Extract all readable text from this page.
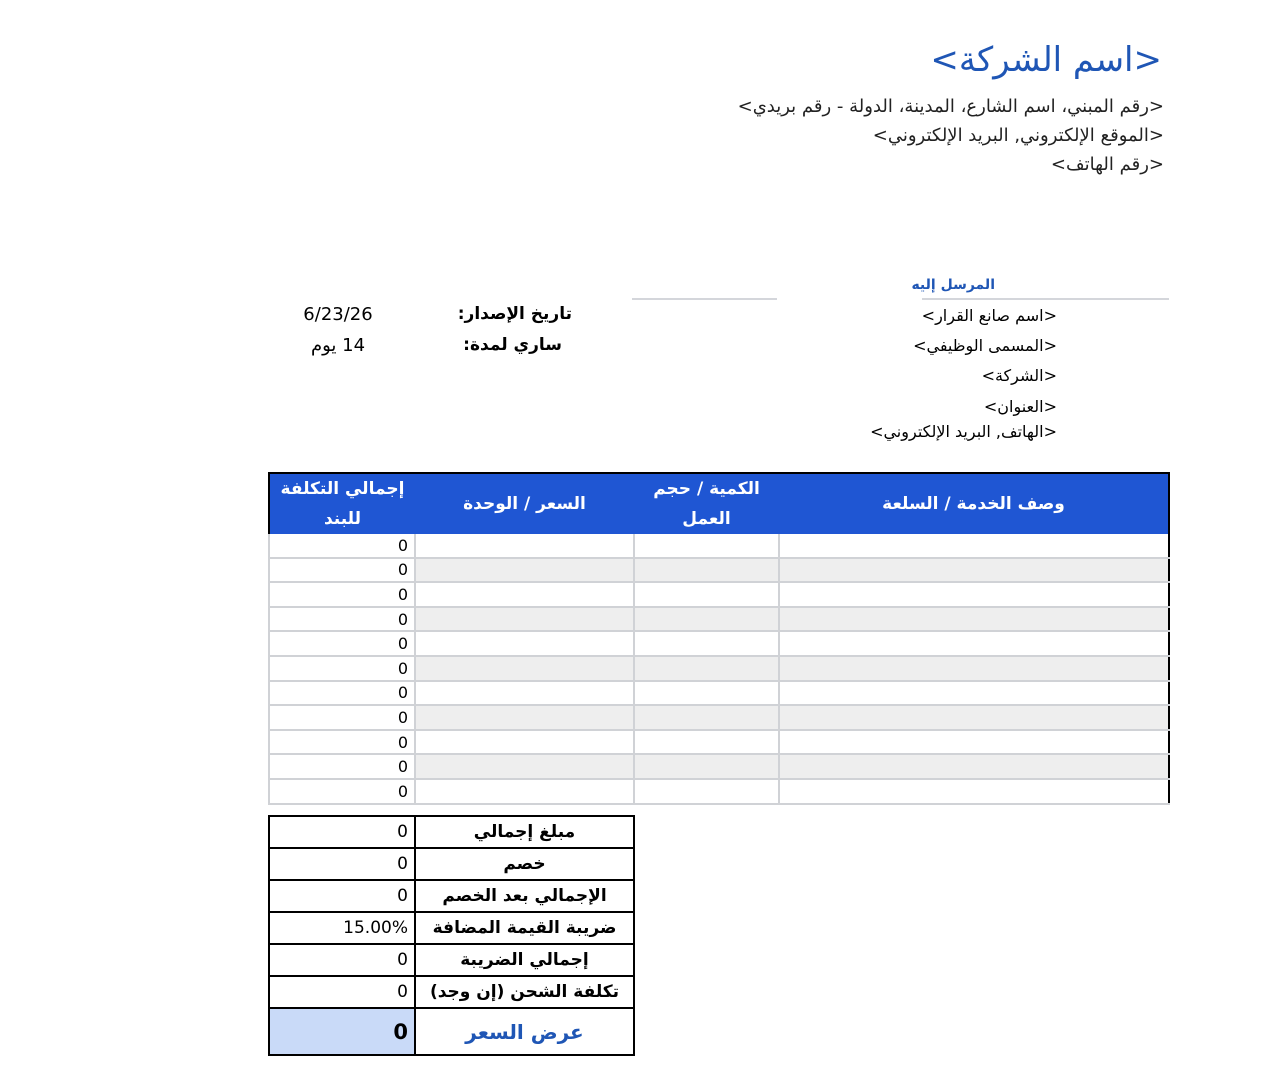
<اسم الشركة>
<رقم المبني، اسم الشارع، المدينة، الدولة - رقم بريدي>
<الموقع الإلكتروني, البريد الإلكتروني>
<رقم الهاتف>
المرسل إليه
<اسم صانع القرار>
<المسمى الوظيفي>
<الشركة>
<العنوان>
<الهاتف, البريد الإلكتروني>
تاريخ الإصدار:
6/23/26
ساري لمدة:
14 يوم
إجمالي التكلفة للبند	السعر / الوحدة	الكمية / حجم العمل	وصف الخدمة / السلعة
0			
0			
0			
0			
0			
0			
0			
0			
0			
0			
0			
0	مبلغ إجمالي
0	خصم
0	الإجمالي بعد الخصم
15.00%	ضريبة القيمة المضافة
0	إجمالي الضريبة
0	تكلفة الشحن (إن وجد)
0	عرض السعر
